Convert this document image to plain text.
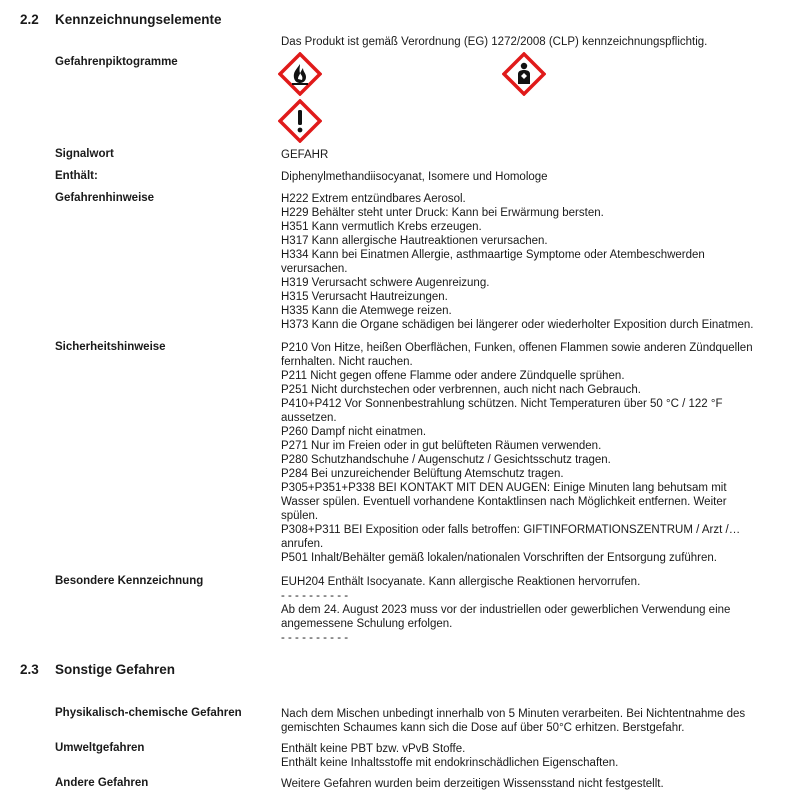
2.2 Kennzeichnungselemente
Das Produkt ist gemäß Verordnung (EG) 1272/2008 (CLP) kennzeichnungspflichtig.
Gefahrenpiktogramme
Signalwort	GEFAHR
Enthält:	Diphenylmethandiisocyanat, Isomere und Homologe
Gefahrenhinweise	H222 Extrem entzündbares Aerosol.
H229 Behälter steht unter Druck: Kann bei Erwärmung bersten.
H351 Kann vermutlich Krebs erzeugen.
H317 Kann allergische Hautreaktionen verursachen.
H334 Kann bei Einatmen Allergie, asthmaartige Symptome oder Atembeschwerden
verursachen.
H319 Verursacht schwere Augenreizung.
H315 Verursacht Hautreizungen.
H335 Kann die Atemwege reizen.
H373 Kann die Organe schädigen bei längerer oder wiederholter Exposition durch Einatmen.
Sicherheitshinweise	P210 Von Hitze, heißen Oberflächen, Funken, offenen Flammen sowie anderen Zündquellen
fernhalten. Nicht rauchen.
P211 Nicht gegen offene Flamme oder andere Zündquelle sprühen.
P251 Nicht durchstechen oder verbrennen, auch nicht nach Gebrauch.
P410+P412 Vor Sonnenbestrahlung schützen. Nicht Temperaturen über 50 °C / 122 °F
aussetzen.
P260 Dampf nicht einatmen.
P271 Nur im Freien oder in gut belüfteten Räumen verwenden.
P280 Schutzhandschuhe / Augenschutz / Gesichtsschutz tragen.
P284 Bei unzureichender Belüftung Atemschutz tragen.
P305+P351+P338 BEI KONTAKT MIT DEN AUGEN: Einige Minuten lang behutsam mit
Wasser spülen. Eventuell vorhandene Kontaktlinsen nach Möglichkeit entfernen. Weiter
spülen.
P308+P311 BEI Exposition oder falls betroffen: GIFTINFORMATIONSZENTRUM / Arzt /…
anrufen.
P501 Inhalt/Behälter gemäß lokalen/nationalen Vorschriften der Entsorgung zuführen.
Besondere Kennzeichnung	EUH204 Enthält Isocyanate. Kann allergische Reaktionen hervorrufen.
- - - - - - - - - -
Ab dem 24. August 2023 muss vor der industriellen oder gewerblichen Verwendung eine
angemessene Schulung erfolgen.
- - - - - - - - - -
2.3 Sonstige Gefahren
Physikalisch-chemische Gefahren	Nach dem Mischen unbedingt innerhalb von 5 Minuten verarbeiten. Bei Nichtentnahme des
gemischten Schaumes kann sich die Dose auf über 50°C erhitzen. Berstgefahr.
Umweltgefahren	Enthält keine PBT bzw. vPvB Stoffe.
Enthält keine Inhaltsstoffe mit endokrinschädlichen Eigenschaften.
Andere Gefahren	Weitere Gefahren wurden beim derzeitigen Wissensstand nicht festgestellt.
